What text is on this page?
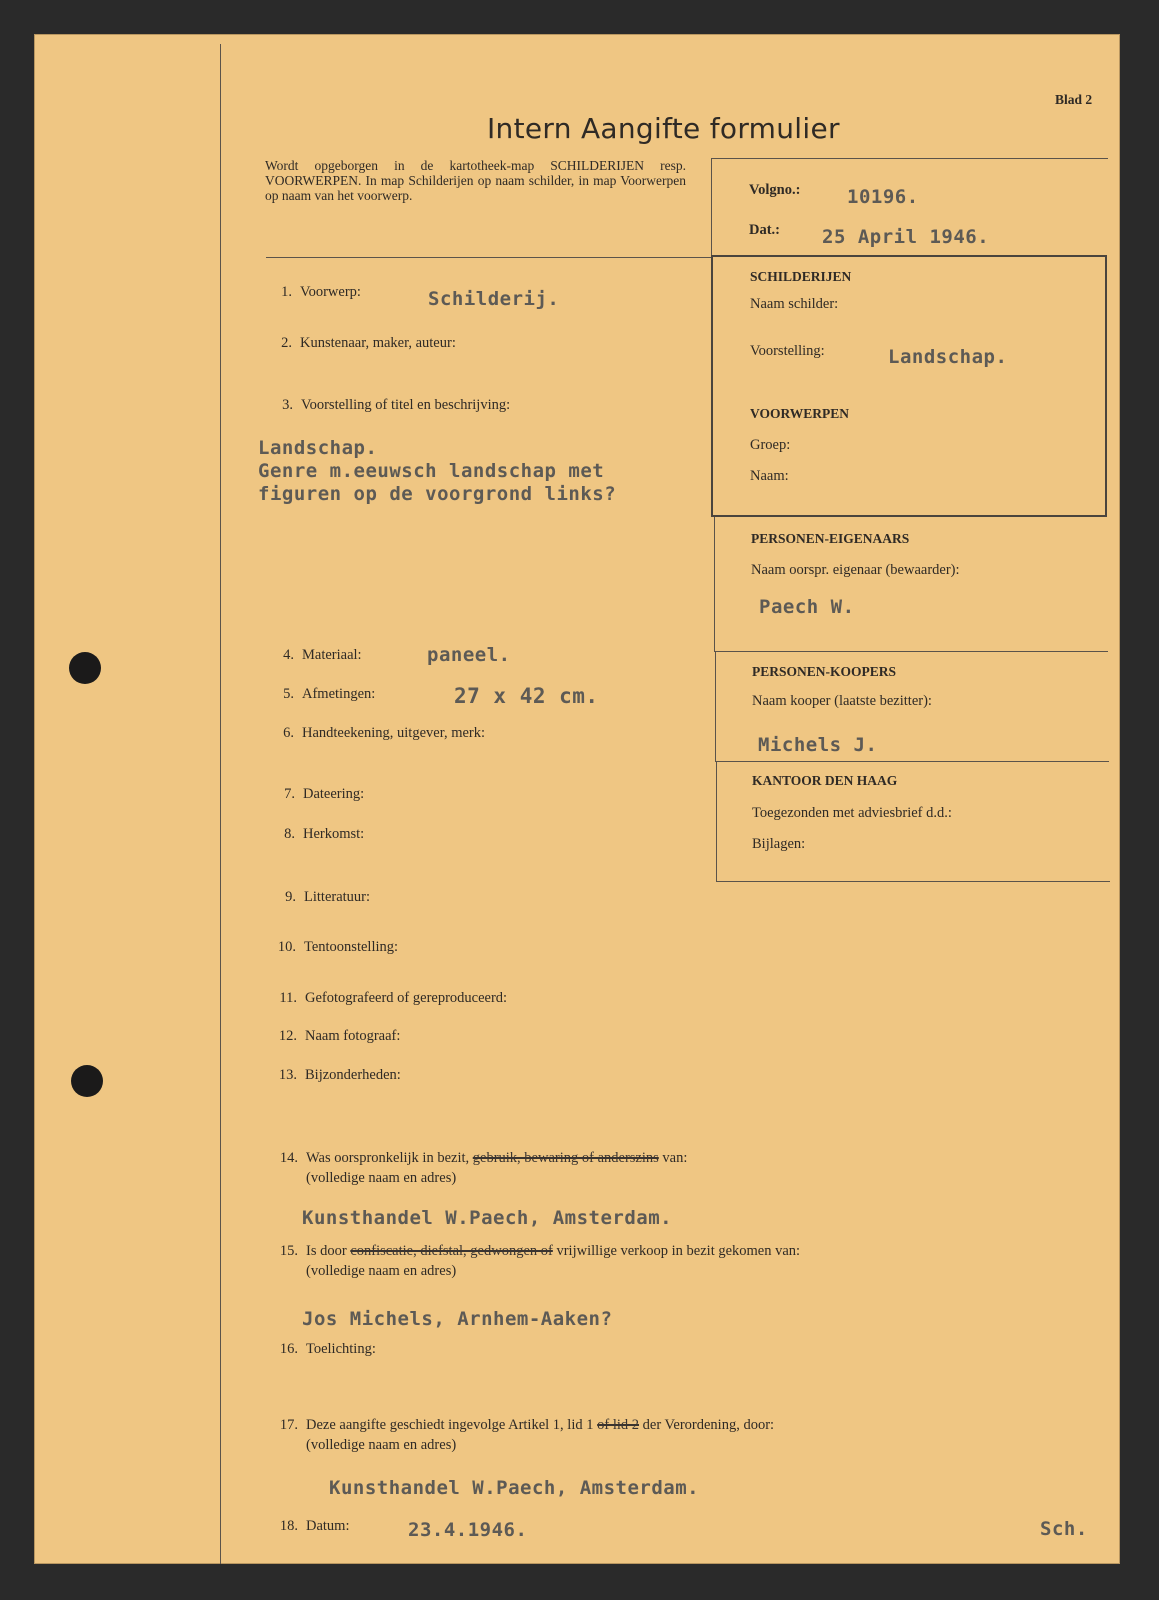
Blad 2
Intern Aangifte formulier
Wordt opgeborgen in de kartotheek-map SCHILDERIJEN resp. VOORWERPEN. In map Schilderijen op naam schilder, in map Voorwerpen op naam van het voorwerp.	Volgno.: 10196.
Dat.: 25 April 1946.
SCHILDERIJEN
Naam schilder:
Voorstelling:	Landschap.
VOORWERPEN
Groep:
Naam:
PERSONEN-EIGENAARS
Naam oorspr. eigenaar (bewaarder):
Paech W.
PERSONEN-KOOPERS
Naam kooper (laatste bezitter):
Michels J.
KANTOOR DEN HAAG
Toegezonden met adviesbrief d.d.:
Bijlagen:
1. Voorwerp:	Schilderij.
2. Kunstenaar, maker, auteur:
3. Voorstelling of titel en beschrijving:
Landschap.
Genre m.eeuwsch landschap met
figuren op de voorgrond links?
4. Materiaal:	paneel.
5. Afmetingen:	27 x 42 cm.
6. Handteekening, uitgever, merk:
7. Dateering:
8. Herkomst:
9. Litteratuur:
10. Tentoonstelling:
11. Gefotografeerd of gereproduceerd:
12. Naam fotograaf:
13. Bijzonderheden:
14. Was oorspronkelijk in bezit, gebruik, bewaring of anderszins van:
(volledige naam en adres)
Kunsthandel W.Paech, Amsterdam.
15. Is door confiscatie, diefstal, gedwongen of vrijwillige verkoop in bezit gekomen van:
(volledige naam en adres)
Jos Michels, Arnhem-Aaken?
16. Toelichting:
17. Deze aangifte geschiedt ingevolge Artikel 1, lid 1 of lid 2 der Verordening, door:
(volledige naam en adres)
Kunsthandel W.Paech, Amsterdam.
18. Datum:	23.4.1946.	Sch.
